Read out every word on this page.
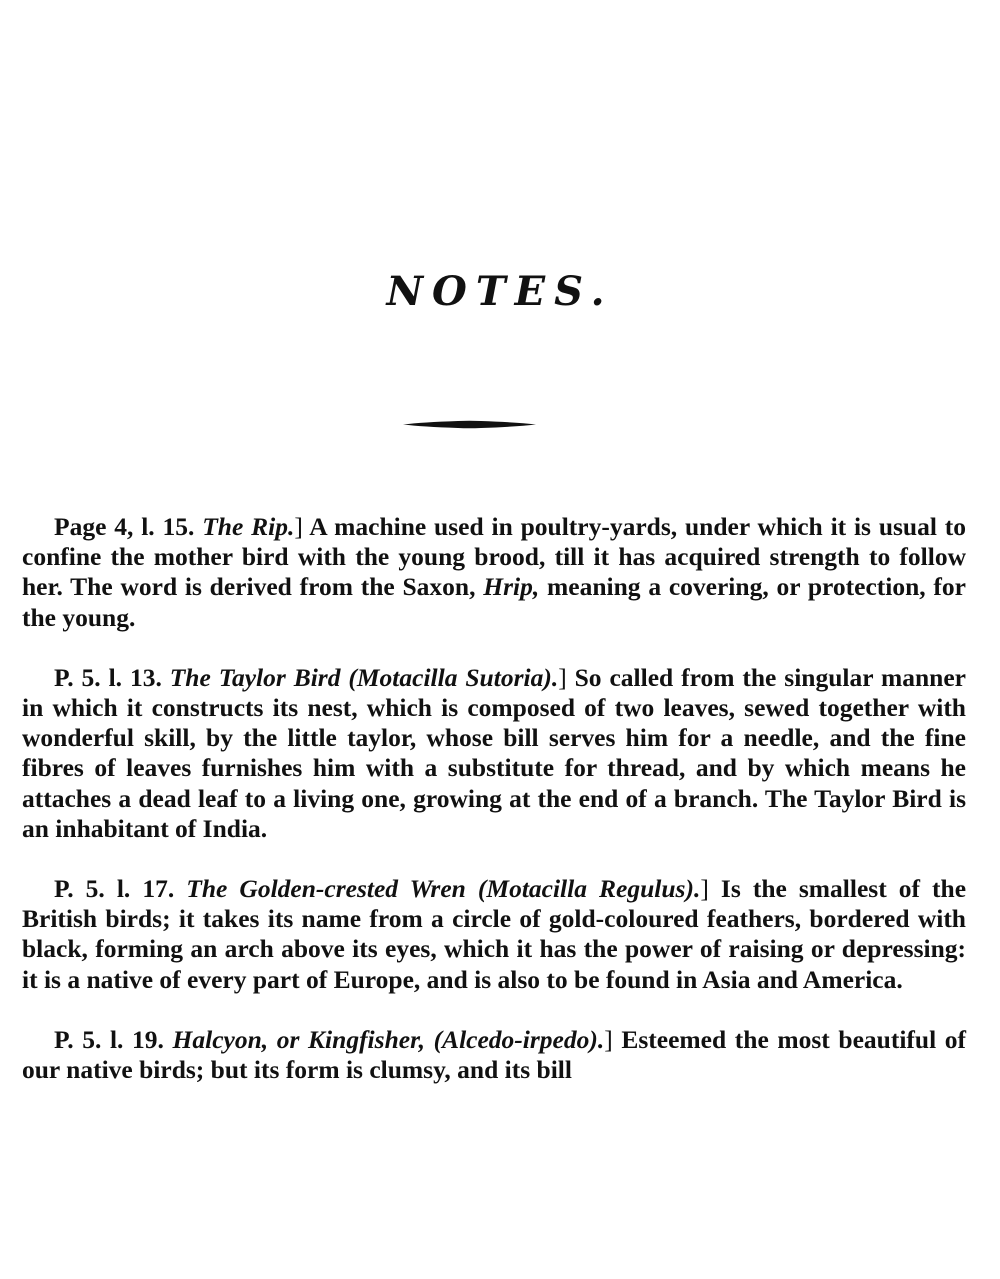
NOTES.

Page 4, l. 15. The Rip.] A machine used in poultry-yards, under which it is usual to confine the mother bird with the young brood, till it has acquired strength to follow her. The word is derived from the Saxon, Hrip, meaning a covering, or protection, for the young.

P. 5. l. 13. The Taylor Bird (Motacilla Sutoria).] So called from the singular manner in which it constructs its nest, which is composed of two leaves, sewed together with wonderful skill, by the little taylor, whose bill serves him for a needle, and the fine fibres of leaves furnishes him with a substitute for thread, and by which means he attaches a dead leaf to a living one, growing at the end of a branch. The Taylor Bird is an inhabitant of India.

P. 5. l. 17. The Golden-crested Wren (Motacilla Regulus).] Is the smallest of the British birds; it takes its name from a circle of gold-coloured feathers, bordered with black, forming an arch above its eyes, which it has the power of raising or depressing: it is a native of every part of Europe, and is also to be found in Asia and America.

P. 5. l. 19. Halcyon, or Kingfisher, (Alcedo-irpedo).] Esteemed the most beautiful of our native birds; but its form is clumsy, and its bill
